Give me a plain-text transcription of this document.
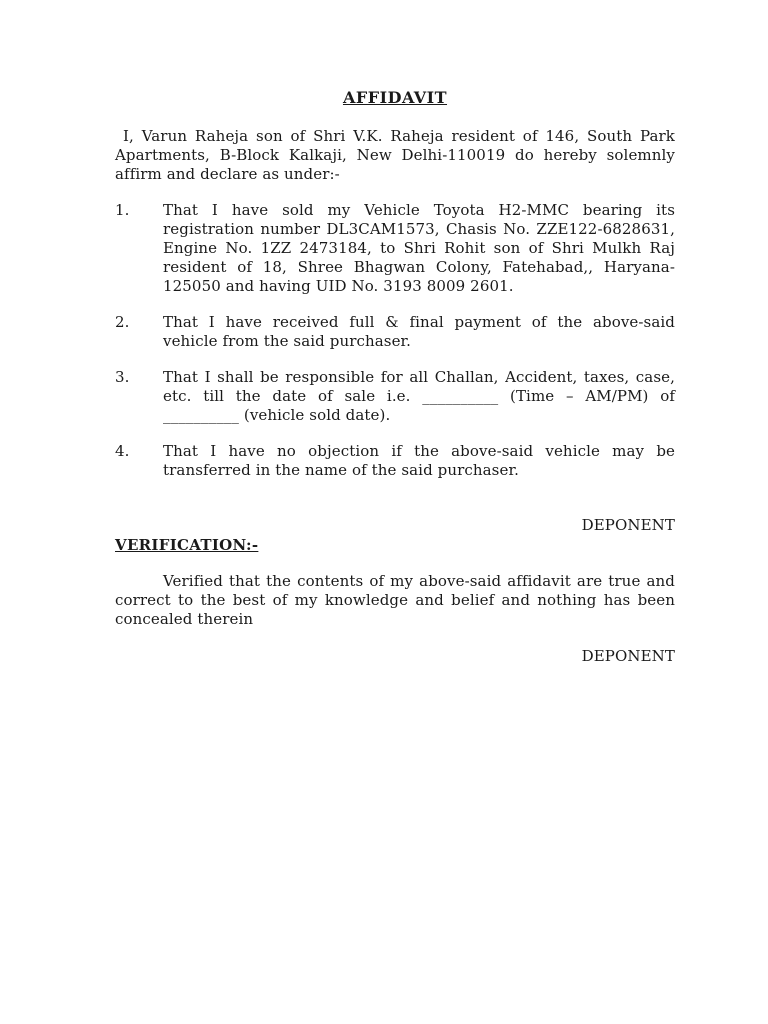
AFFIDAVIT
I, Varun Raheja son of Shri V.K. Raheja resident of 146, South Park Apartments, B-Block Kalkaji, New Delhi-110019 do hereby solemnly affirm and declare as under:-
1. That I have sold my Vehicle Toyota H2-MMC bearing its registration number DL3CAM1573, Chasis No. ZZE122-6828631, Engine No. 1ZZ 2473184, to Shri Rohit son of Shri Mulkh Raj resident of 18, Shree Bhagwan Colony, Fatehabad,, Haryana-125050 and having UID No. 3193 8009 2601.
2. That I have received full & final payment of the above-said vehicle from the said purchaser.
3. That I shall be responsible for all Challan, Accident, taxes, case, etc. till the date of sale i.e. __________ (Time – AM/PM) of __________ (vehicle sold date).
4. That I have no objection if the above-said vehicle may be transferred in the name of the said purchaser.
DEPONENT
VERIFICATION:-
Verified that the contents of my above-said affidavit are true and correct to the best of my knowledge and belief and nothing has been concealed therein
DEPONENT
